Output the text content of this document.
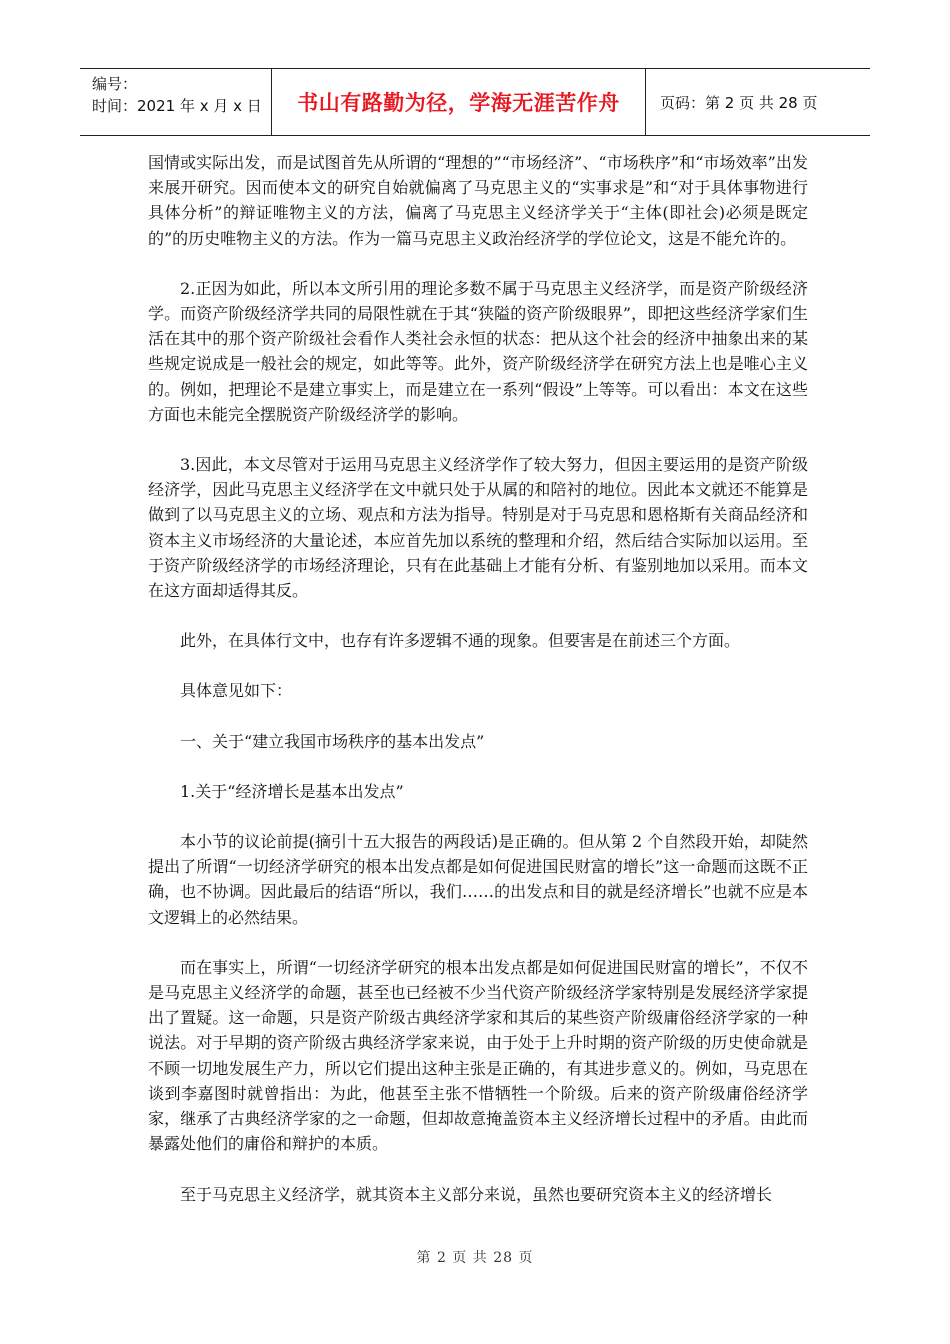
编号：
时间：2021 年 x 月 x 日	书山有路勤为径，学海无涯苦作舟	页码：第 2 页 共 28 页

国情或实际出发，而是试图首先从所谓的“理想的”“市场经济”、“市场秩序”和“市场效率”出发来展开研究。因而使本文的研究自始就偏离了马克思主义的“实事求是”和“对于具体事物进行具体分析”的辩证唯物主义的方法，偏离了马克思主义经济学关于“主体(即社会)必须是既定的”的历史唯物主义的方法。作为一篇马克思主义政治经济学的学位论文，这是不能允许的。

2.正因为如此，所以本文所引用的理论多数不属于马克思主义经济学，而是资产阶级经济学。而资产阶级经济学共同的局限性就在于其“狭隘的资产阶级眼界”，即把这些经济学家们生活在其中的那个资产阶级社会看作人类社会永恒的状态：把从这个社会的经济中抽象出来的某些规定说成是一般社会的规定，如此等等。此外，资产阶级经济学在研究方法上也是唯心主义的。例如，把理论不是建立事实上，而是建立在一系列“假设”上等等。可以看出：本文在这些方面也未能完全摆脱资产阶级经济学的影响。

3.因此，本文尽管对于运用马克思主义经济学作了较大努力，但因主要运用的是资产阶级经济学，因此马克思主义经济学在文中就只处于从属的和陪衬的地位。因此本文就还不能算是做到了以马克思主义的立场、观点和方法为指导。特别是对于马克思和恩格斯有关商品经济和资本主义市场经济的大量论述，本应首先加以系统的整理和介绍，然后结合实际加以运用。至于资产阶级经济学的市场经济理论，只有在此基础上才能有分析、有鉴别地加以采用。而本文在这方面却适得其反。

此外，在具体行文中，也存有许多逻辑不通的现象。但要害是在前述三个方面。

具体意见如下：

一、关于“建立我国市场秩序的基本出发点”

1.关于“经济增长是基本出发点”

本小节的议论前提(摘引十五大报告的两段话)是正确的。但从第 2 个自然段开始，却陡然提出了所谓“一切经济学研究的根本出发点都是如何促进国民财富的增长”这一命题而这既不正确，也不协调。因此最后的结语“所以，我们……的出发点和目的就是经济增长”也就不应是本文逻辑上的必然结果。

而在事实上，所谓“一切经济学研究的根本出发点都是如何促进国民财富的增长”，不仅不是马克思主义经济学的命题，甚至也已经被不少当代资产阶级经济学家特别是发展经济学家提出了置疑。这一命题，只是资产阶级古典经济学家和其后的某些资产阶级庸俗经济学家的一种说法。对于早期的资产阶级古典经济学家来说，由于处于上升时期的资产阶级的历史使命就是不顾一切地发展生产力，所以它们提出这种主张是正确的，有其进步意义的。例如，马克思在谈到李嘉图时就曾指出：为此，他甚至主张不惜牺牲一个阶级。后来的资产阶级庸俗经济学家，继承了古典经济学家的之一命题，但却故意掩盖资本主义经济增长过程中的矛盾。由此而暴露处他们的庸俗和辩护的本质。

至于马克思主义经济学，就其资本主义部分来说，虽然也要研究资本主义的经济增长

第 2 页 共 28 页
